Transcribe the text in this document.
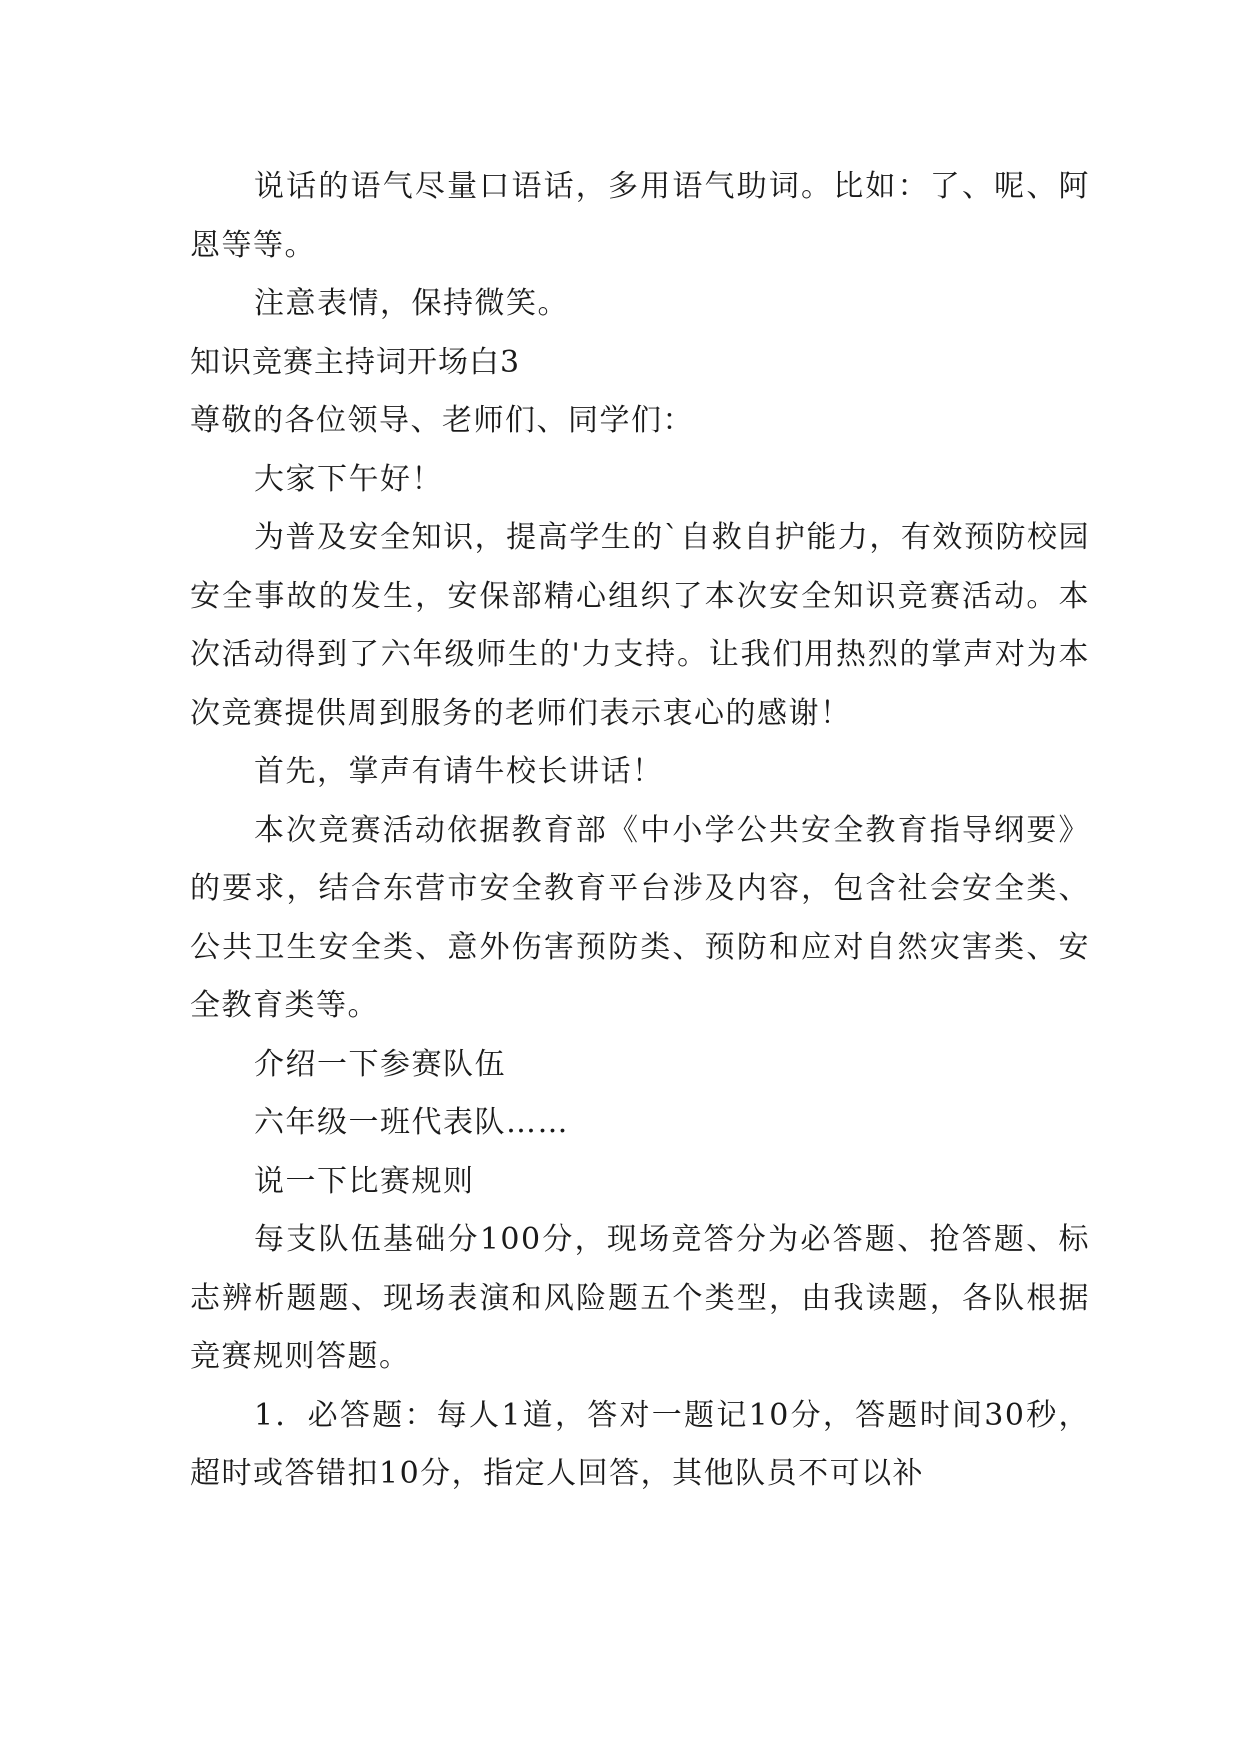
说话的语气尽量口语话，多用语气助词。比如：了、呢、阿恩等等。

注意表情，保持微笑。

知识竞赛主持词开场白3

尊敬的各位领导、老师们、同学们：

大家下午好！

为普及安全知识，提高学生的`自救自护能力，有效预防校园安全事故的发生，安保部精心组织了本次安全知识竞赛活动。本次活动得到了六年级师生的'力支持。让我们用热烈的掌声对为本次竞赛提供周到服务的老师们表示衷心的感谢！

首先，掌声有请牛校长讲话！

本次竞赛活动依据教育部《中小学公共安全教育指导纲要》的要求，结合东营市安全教育平台涉及内容，包含社会安全类、公共卫生安全类、意外伤害预防类、预防和应对自然灾害类、安全教育类等。

介绍一下参赛队伍

六年级一班代表队……

说一下比赛规则

每支队伍基础分100分，现场竞答分为必答题、抢答题、标志辨析题题、现场表演和风险题五个类型，由我读题，各队根据竞赛规则答题。

1．必答题：每人1道，答对一题记10分，答题时间30秒，超时或答错扣10分，指定人回答，其他队员不可以补
